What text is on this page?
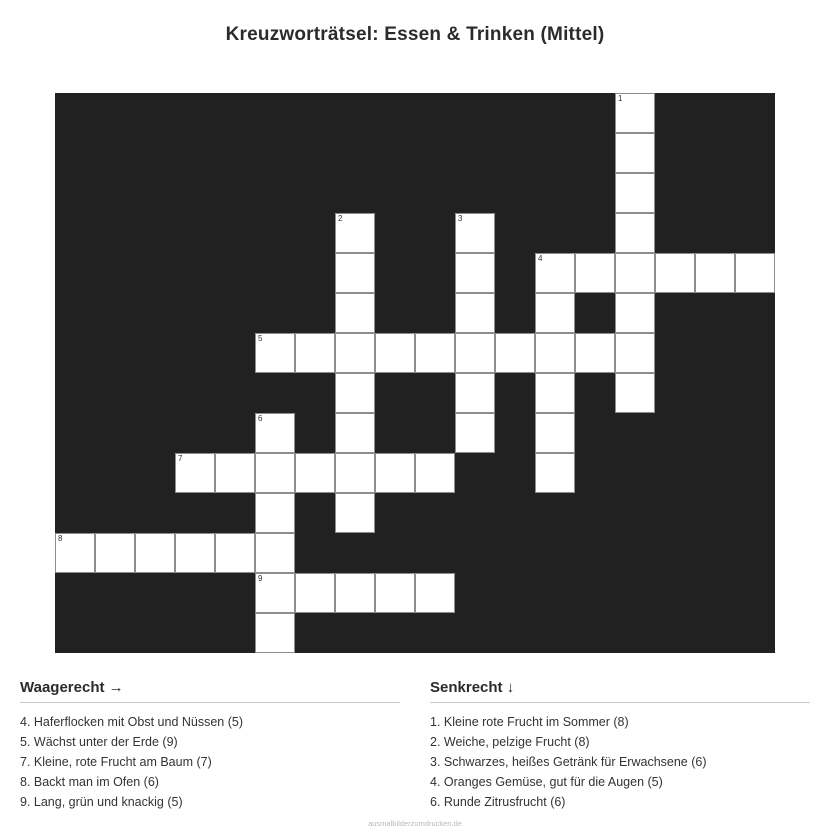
Kreuzworträtsel: Essen & Trinken (Mittel)
1
2	3
4
5
6
7
8
9
Waagerecht →
4. Haferflocken mit Obst und Nüssen (5)
5. Wächst unter der Erde (9)
7. Kleine, rote Frucht am Baum (7)
8. Backt man im Ofen (6)
9. Lang, grün und knackig (5)
Senkrecht ↓
1. Kleine rote Frucht im Sommer (8)
2. Weiche, pelzige Frucht (8)
3. Schwarzes, heißes Getränk für Erwachsene (6)
4. Oranges Gemüse, gut für die Augen (5)
6. Runde Zitrusfrucht (6)
ausmalbilderzumdrucken.de
